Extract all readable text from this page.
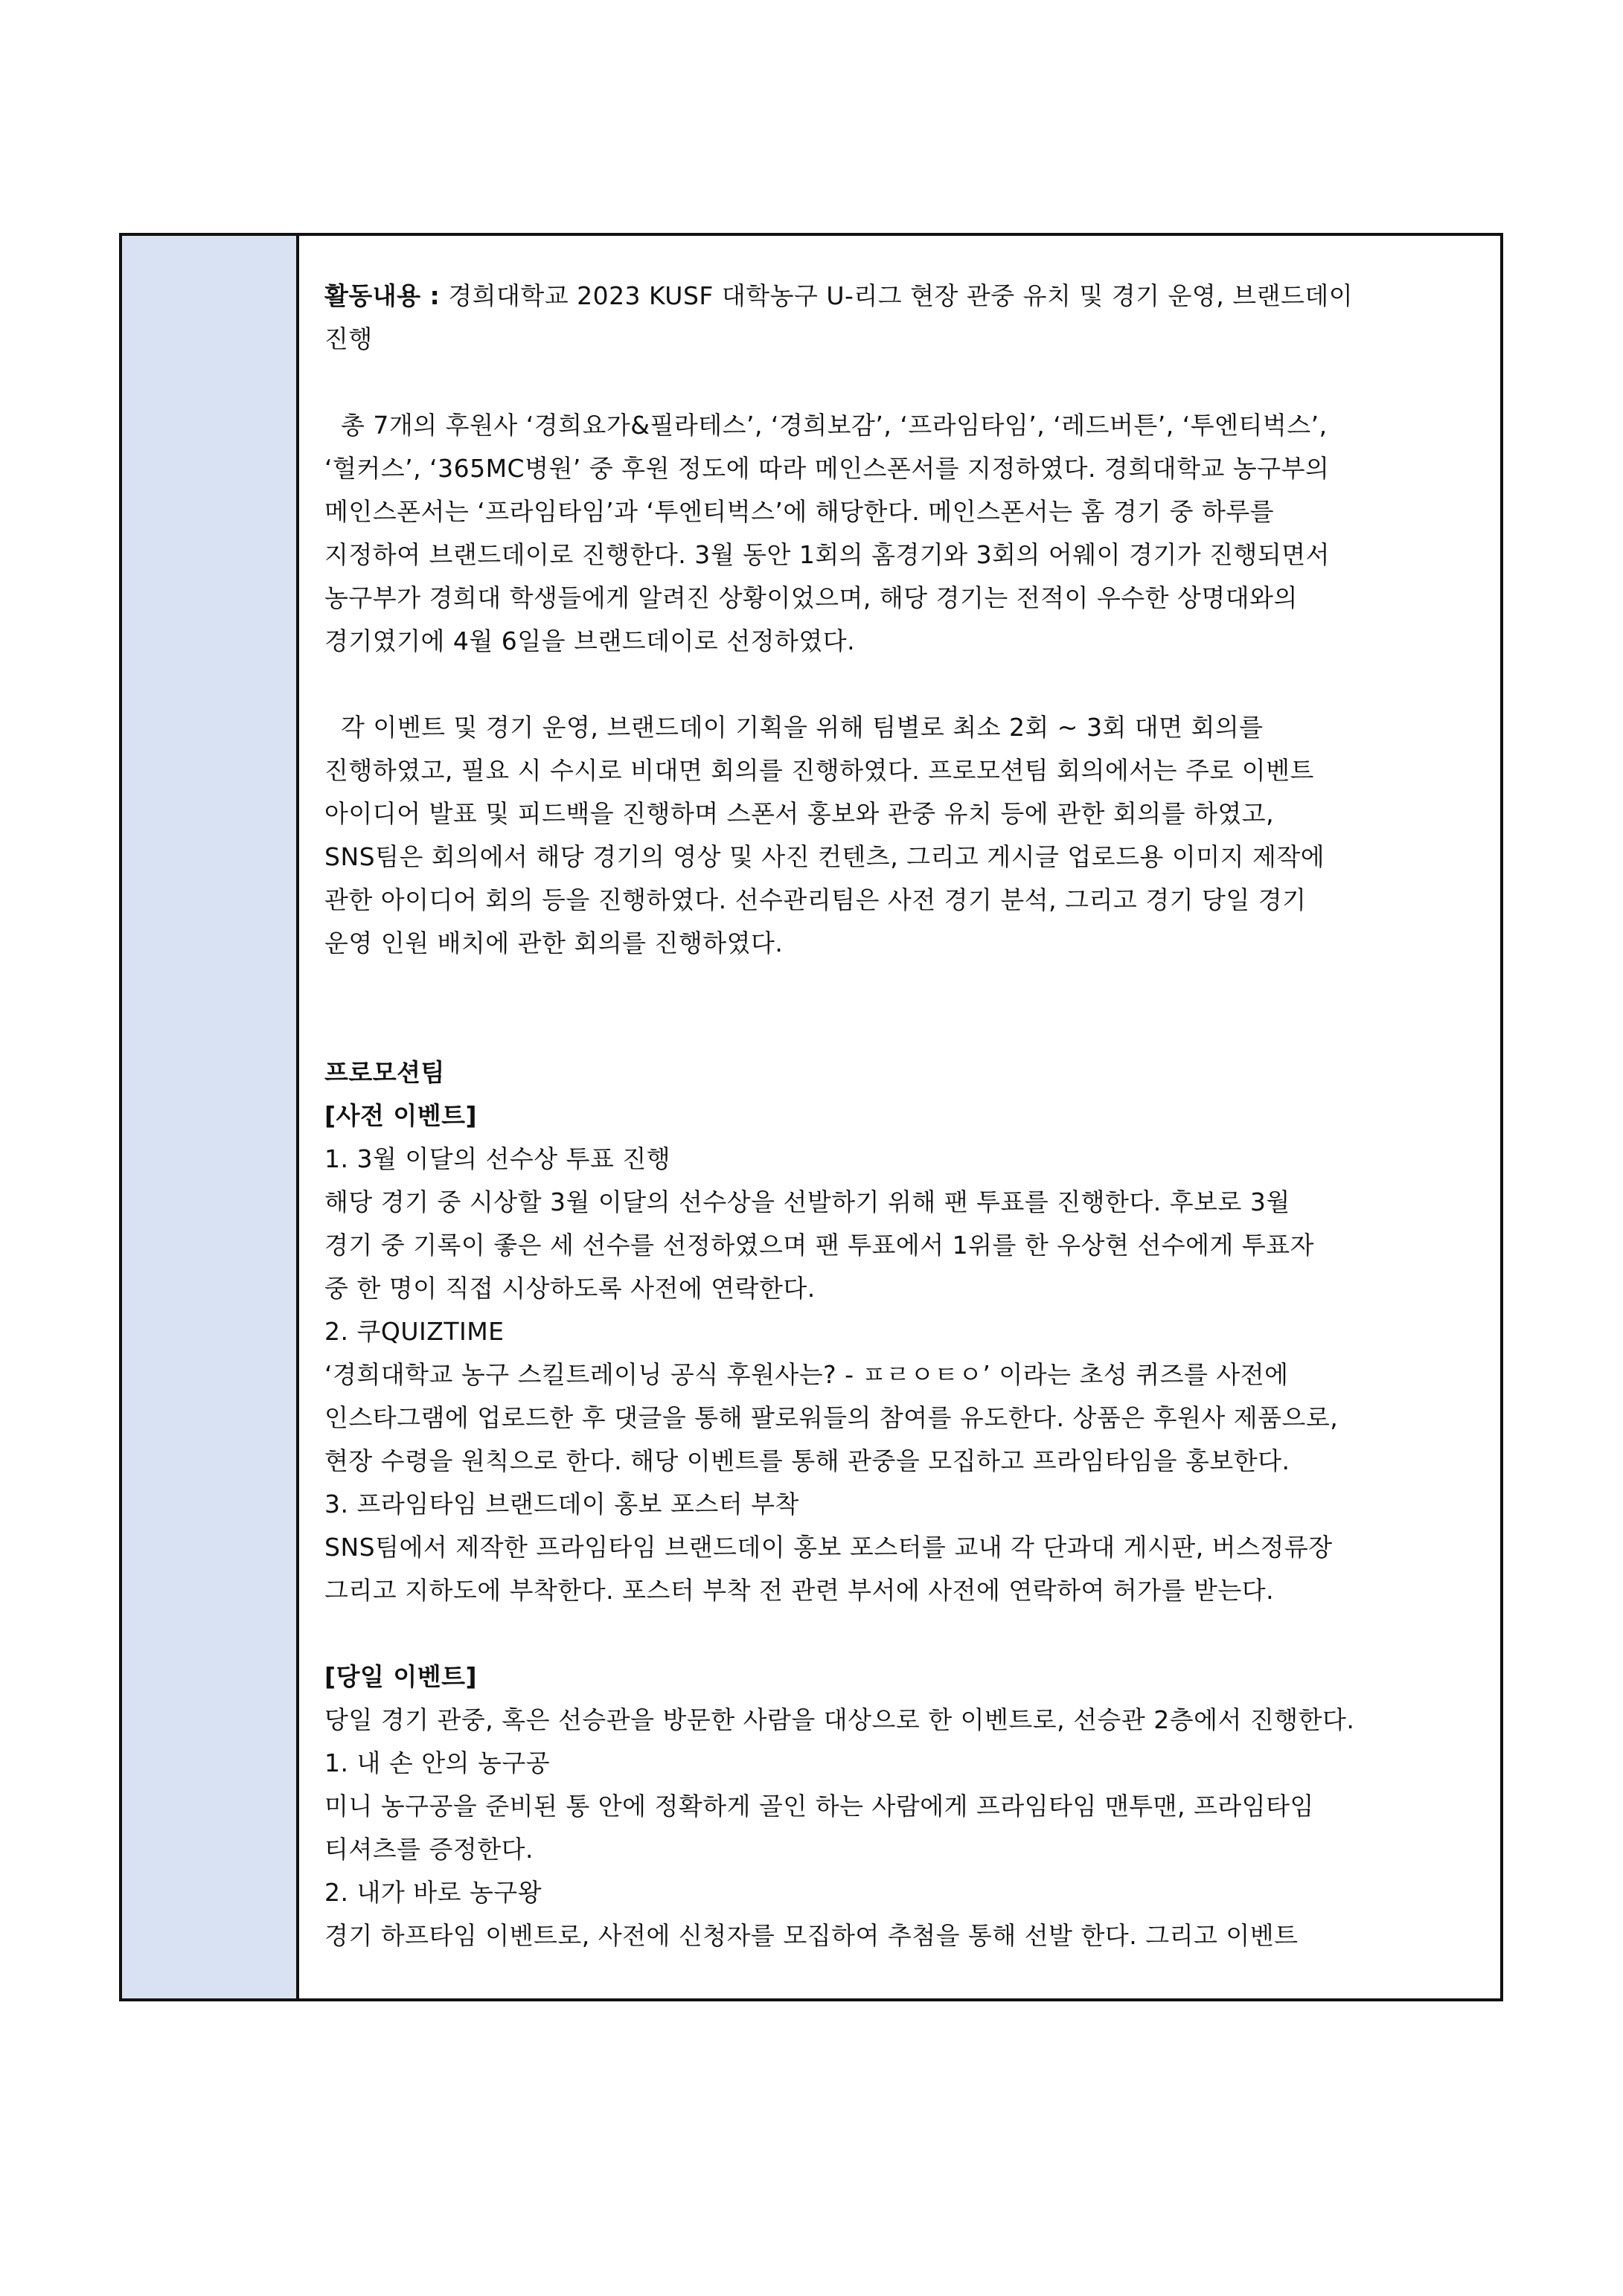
활동내용 : 경희대학교 2023 KUSF 대학농구 U-리그 현장 관중 유치 및 경기 운영, 브랜드데이
진행
총 7개의 후원사 ‘경희요가&필라테스’, ‘경희보감’, ‘프라임타임’, ‘레드버튼’, ‘투엔티벅스’,
‘헐커스’, ‘365MC병원’ 중 후원 정도에 따라 메인스폰서를 지정하였다. 경희대학교 농구부의
메인스폰서는 ‘프라임타임’과 ‘투엔티벅스’에 해당한다. 메인스폰서는 홈 경기 중 하루를
지정하여 브랜드데이로 진행한다. 3월 동안 1회의 홈경기와 3회의 어웨이 경기가 진행되면서
농구부가 경희대 학생들에게 알려진 상황이었으며, 해당 경기는 전적이 우수한 상명대와의
경기였기에 4월 6일을 브랜드데이로 선정하였다.
각 이벤트 및 경기 운영, 브랜드데이 기획을 위해 팀별로 최소 2회 ~ 3회 대면 회의를
진행하였고, 필요 시 수시로 비대면 회의를 진행하였다. 프로모션팀 회의에서는 주로 이벤트
아이디어 발표 및 피드백을 진행하며 스폰서 홍보와 관중 유치 등에 관한 회의를 하였고,
SNS팀은 회의에서 해당 경기의 영상 및 사진 컨텐츠, 그리고 게시글 업로드용 이미지 제작에
관한 아이디어 회의 등을 진행하였다. 선수관리팀은 사전 경기 분석, 그리고 경기 당일 경기
운영 인원 배치에 관한 회의를 진행하였다.
프로모션팀
[사전 이벤트]
1. 3월 이달의 선수상 투표 진행
해당 경기 중 시상할 3월 이달의 선수상을 선발하기 위해 팬 투표를 진행한다. 후보로 3월
경기 중 기록이 좋은 세 선수를 선정하였으며 팬 투표에서 1위를 한 우상현 선수에게 투표자
중 한 명이 직접 시상하도록 사전에 연락한다.
2. 쿠QUIZTIME
‘경희대학교 농구 스킬트레이닝 공식 후원사는? - ㅍㄹㅇㅌㅇ’ 이라는 초성 퀴즈를 사전에
인스타그램에 업로드한 후 댓글을 통해 팔로워들의 참여를 유도한다. 상품은 후원사 제품으로,
현장 수령을 원칙으로 한다. 해당 이벤트를 통해 관중을 모집하고 프라임타임을 홍보한다.
3. 프라임타임 브랜드데이 홍보 포스터 부착
SNS팀에서 제작한 프라임타임 브랜드데이 홍보 포스터를 교내 각 단과대 게시판, 버스정류장
그리고 지하도에 부착한다. 포스터 부착 전 관련 부서에 사전에 연락하여 허가를 받는다.
[당일 이벤트]
당일 경기 관중, 혹은 선승관을 방문한 사람을 대상으로 한 이벤트로, 선승관 2층에서 진행한다.
1. 내 손 안의 농구공
미니 농구공을 준비된 통 안에 정확하게 골인 하는 사람에게 프라임타임 맨투맨, 프라임타임
티셔츠를 증정한다.
2. 내가 바로 농구왕
경기 하프타임 이벤트로, 사전에 신청자를 모집하여 추첨을 통해 선발 한다. 그리고 이벤트
